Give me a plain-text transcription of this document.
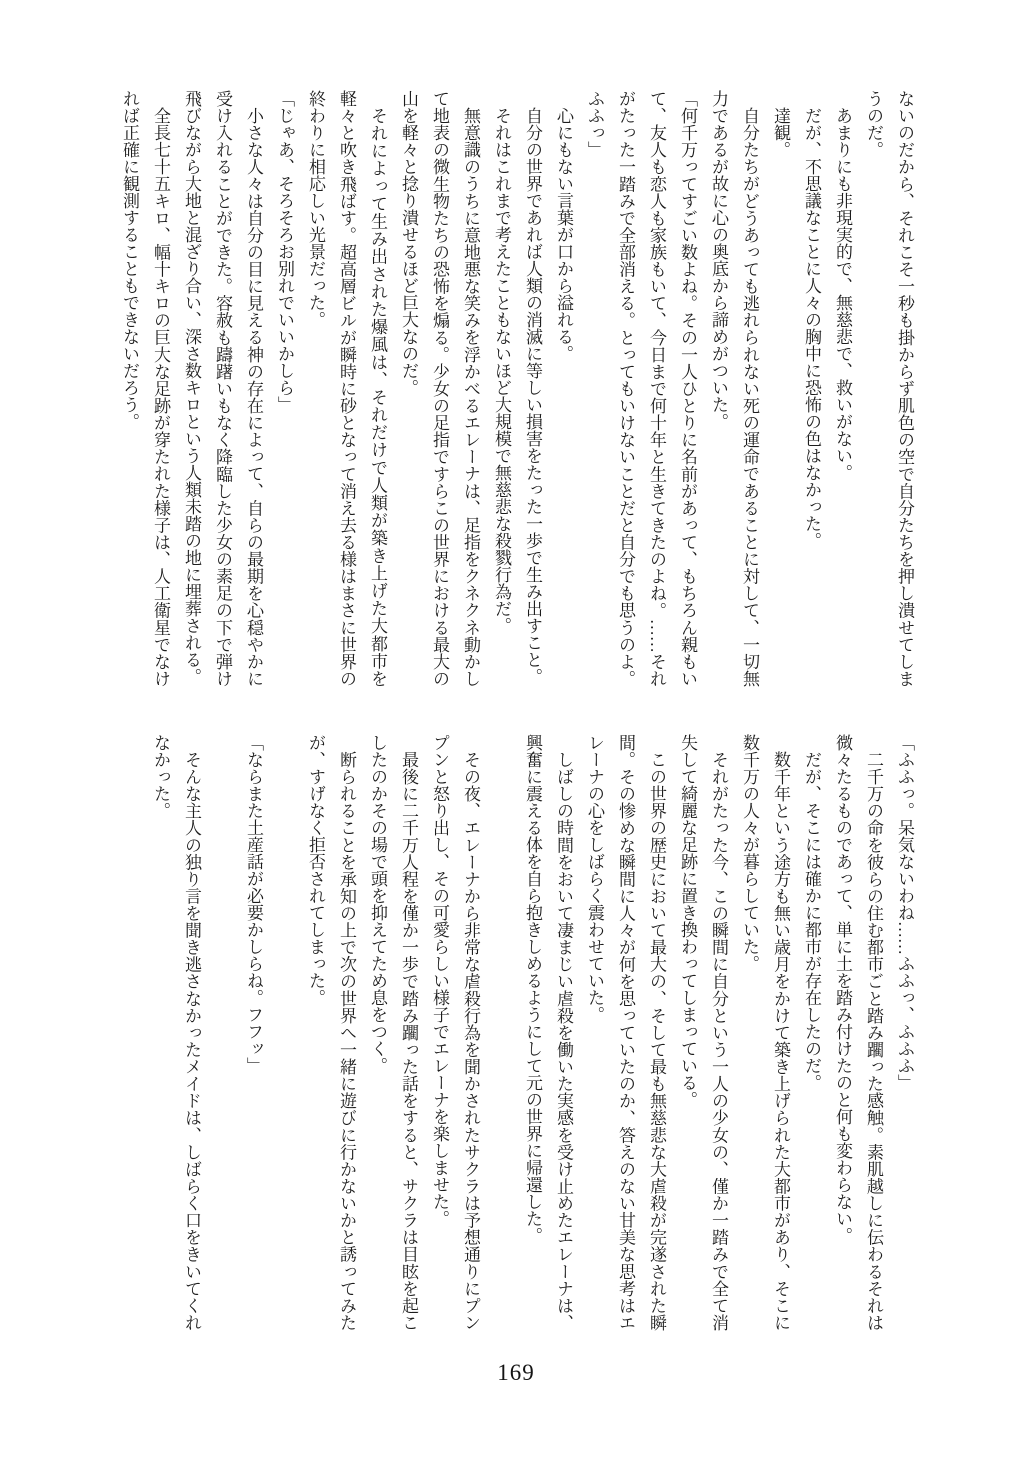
ないのだから、それこそ一秒も掛からず肌色の空で自分たちを押し潰せてしまうのだ。

あまりにも非現実的で、無慈悲で、救いがない。

だが、不思議なことに人々の胸中に恐怖の色はなかった。

達観。

自分たちがどうあっても逃れられない死の運命であることに対して、一切無力であるが故に心の奥底から諦めがついた。

「何千万ってすごい数よね。その一人ひとりに名前があって、もちろん親もいて、友人も恋人も家族もいて、今日まで何十年と生きてきたのよね。……それがたった一踏みで全部消える。とってもいけないことだと自分でも思うのよ。ふふっ」

心にもない言葉が口から溢れる。

自分の世界であれば人類の消滅に等しい損害をたった一歩で生み出すこと。

それはこれまで考えたこともないほど大規模で無慈悲な殺戮行為だ。

無意識のうちに意地悪な笑みを浮かべるエレーナは、足指をクネクネ動かして地表の微生物たちの恐怖を煽る。少女の足指ですらこの世界における最大の山を軽々と捻り潰せるほど巨大なのだ。

それによって生み出された爆風は、それだけで人類が築き上げた大都市を軽々と吹き飛ばす。超高層ビルが瞬時に砂となって消え去る様はまさに世界の終わりに相応しい光景だった。

「じゃあ、そろそろお別れでいいかしら」

小さな人々は自分の目に見える神の存在によって、自らの最期を心穏やかに受け入れることができた。容赦も躊躇いもなく降臨した少女の素足の下で弾け飛びながら大地と混ざり合い、深さ数キロという人類未踏の地に埋葬される。

全長七十五キロ、幅十キロの巨大な足跡が穿たれた様子は、人工衛星でなければ正確に観測することもできないだろう。

「ふふっ。呆気ないわね……ふふっ、ふふふ」

二千万の命を彼らの住む都市ごと踏み躙った感触。素肌越しに伝わるそれは微々たるものであって、単に土を踏み付けたのと何も変わらない。

だが、そこには確かに都市が存在したのだ。

数千年という途方も無い歳月をかけて築き上げられた大都市があり、そこに数千万の人々が暮らしていた。

それがたった今、この瞬間に自分という一人の少女の、僅か一踏みで全て消失して綺麗な足跡に置き換わってしまっている。

この世界の歴史において最大の、そして最も無慈悲な大虐殺が完遂された瞬間。その惨めな瞬間に人々が何を思っていたのか、答えのない甘美な思考はエレーナの心をしばらく震わせていた。

しばしの時間をおいて凄まじい虐殺を働いた実感を受け止めたエレーナは、興奮に震える体を自ら抱きしめるようにして元の世界に帰還した。

その夜、エレーナから非常な虐殺行為を聞かされたサクラは予想通りにプンプンと怒り出し、その可愛らしい様子でエレーナを楽しませた。

最後に二千万人程を僅か一歩で踏み躙った話をすると、サクラは目眩を起こしたのかその場で頭を抑えてため息をつく。

断られることを承知の上で次の世界へ一緒に遊びに行かないかと誘ってみたが、すげなく拒否されてしまった。

「ならまた土産話が必要かしらね。フフッ」

そんな主人の独り言を聞き逃さなかったメイドは、しばらく口をきいてくれなかった。

169
